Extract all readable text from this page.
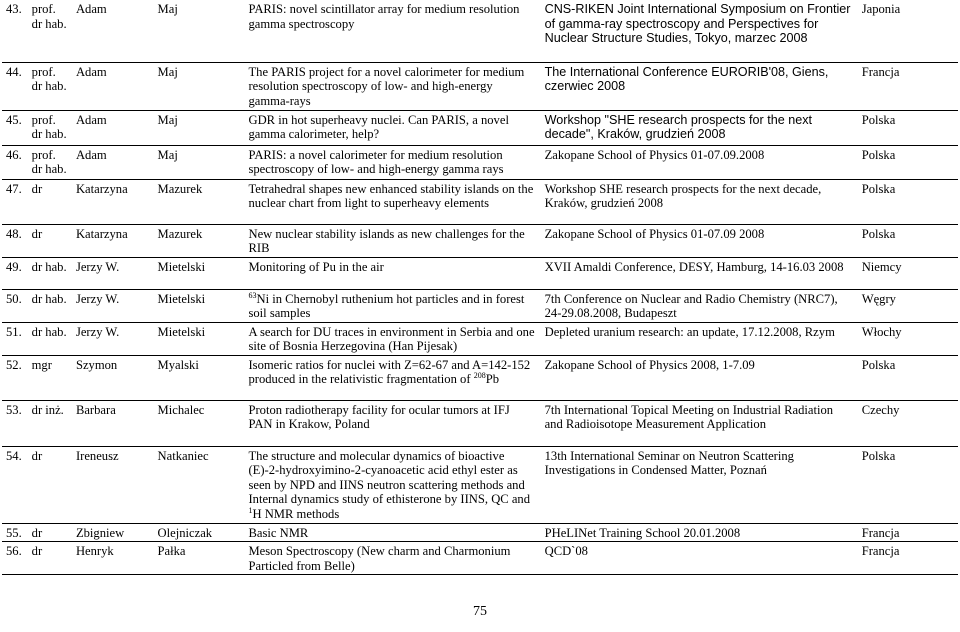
43.	prof. dr hab.	Adam	Maj	PARIS: novel scintillator array for medium resolution gamma spectroscopy	CNS-RIKEN Joint International Symposium on Frontier of gamma-ray spectroscopy and Perspectives for Nuclear Structure Studies, Tokyo, marzec 2008	Japonia
44.	prof. dr hab.	Adam	Maj	The PARIS project for a novel calorimeter for medium resolution spectroscopy of low- and high-energy gamma-rays	The International Conference EURORIB'08, Giens, czerwiec 2008	Francja
45.	prof. dr hab.	Adam	Maj	GDR in hot superheavy nuclei. Can PARIS, a novel gamma calorimeter, help?	Workshop "SHE research prospects for the next decade", Kraków, grudzień 2008	Polska
46.	prof. dr hab.	Adam	Maj	PARIS: a novel calorimeter for medium resolution spectroscopy of low- and high-energy gamma rays	Zakopane School of Physics 01-07.09.2008	Polska
47.	dr	Katarzyna	Mazurek	Tetrahedral shapes new enhanced stability islands on the nuclear chart from light to superheavy elements	Workshop SHE research prospects for the next decade, Kraków, grudzień 2008	Polska
48.	dr	Katarzyna	Mazurek	New nuclear stability islands as new challenges for the RIB	Zakopane School of Physics 01-07.09 2008	Polska
49.	dr hab.	Jerzy W.	Mietelski	Monitoring of Pu in the air	XVII Amaldi Conference, DESY, Hamburg, 14-16.03 2008	Niemcy
50.	dr hab.	Jerzy W.	Mietelski	$^{63}$Ni in Chernobyl ruthenium hot particles and in forest soil samples	7th Conference on Nuclear and Radio Chemistry (NRC7), 24-29.08.2008, Budapeszt	Węgry
51.	dr hab.	Jerzy W.	Mietelski	A search for DU traces in environment in Serbia and one site of Bosnia Herzegovina (Han Pijesak)	Depleted uranium research: an update, 17.12.2008, Rzym	Włochy
52.	mgr	Szymon	Myalski	Isomeric ratios for nuclei with Z=62-67 and A=142-152 produced in the relativistic fragmentation of $^{208}$Pb	Zakopane School of Physics 2008, 1-7.09	Polska
53.	dr inż.	Barbara	Michalec	Proton radiotherapy facility for ocular tumors at IFJ PAN in Krakow, Poland	7th International Topical Meeting on Industrial Radiation and Radioisotope Measurement Application	Czechy
54.	dr	Ireneusz	Natkaniec	The structure and molecular dynamics of bioactive (E)-2-hydroxyimino-2-cyanoacetic acid ethyl ester as seen by NPD and IINS neutron scattering methods and Internal dynamics study of ethisterone by IINS, QC and $^1$H NMR methods	13th International Seminar on Neutron Scattering Investigations in Condensed Matter, Poznań	Polska
55.	dr	Zbigniew	Olejniczak	Basic NMR	PHeLINet Training School 20.01.2008	Francja
56.	dr	Henryk	Pałka	Meson Spectroscopy (New charm and Charmonium Particled from Belle)	QCD`08	Francja
75
